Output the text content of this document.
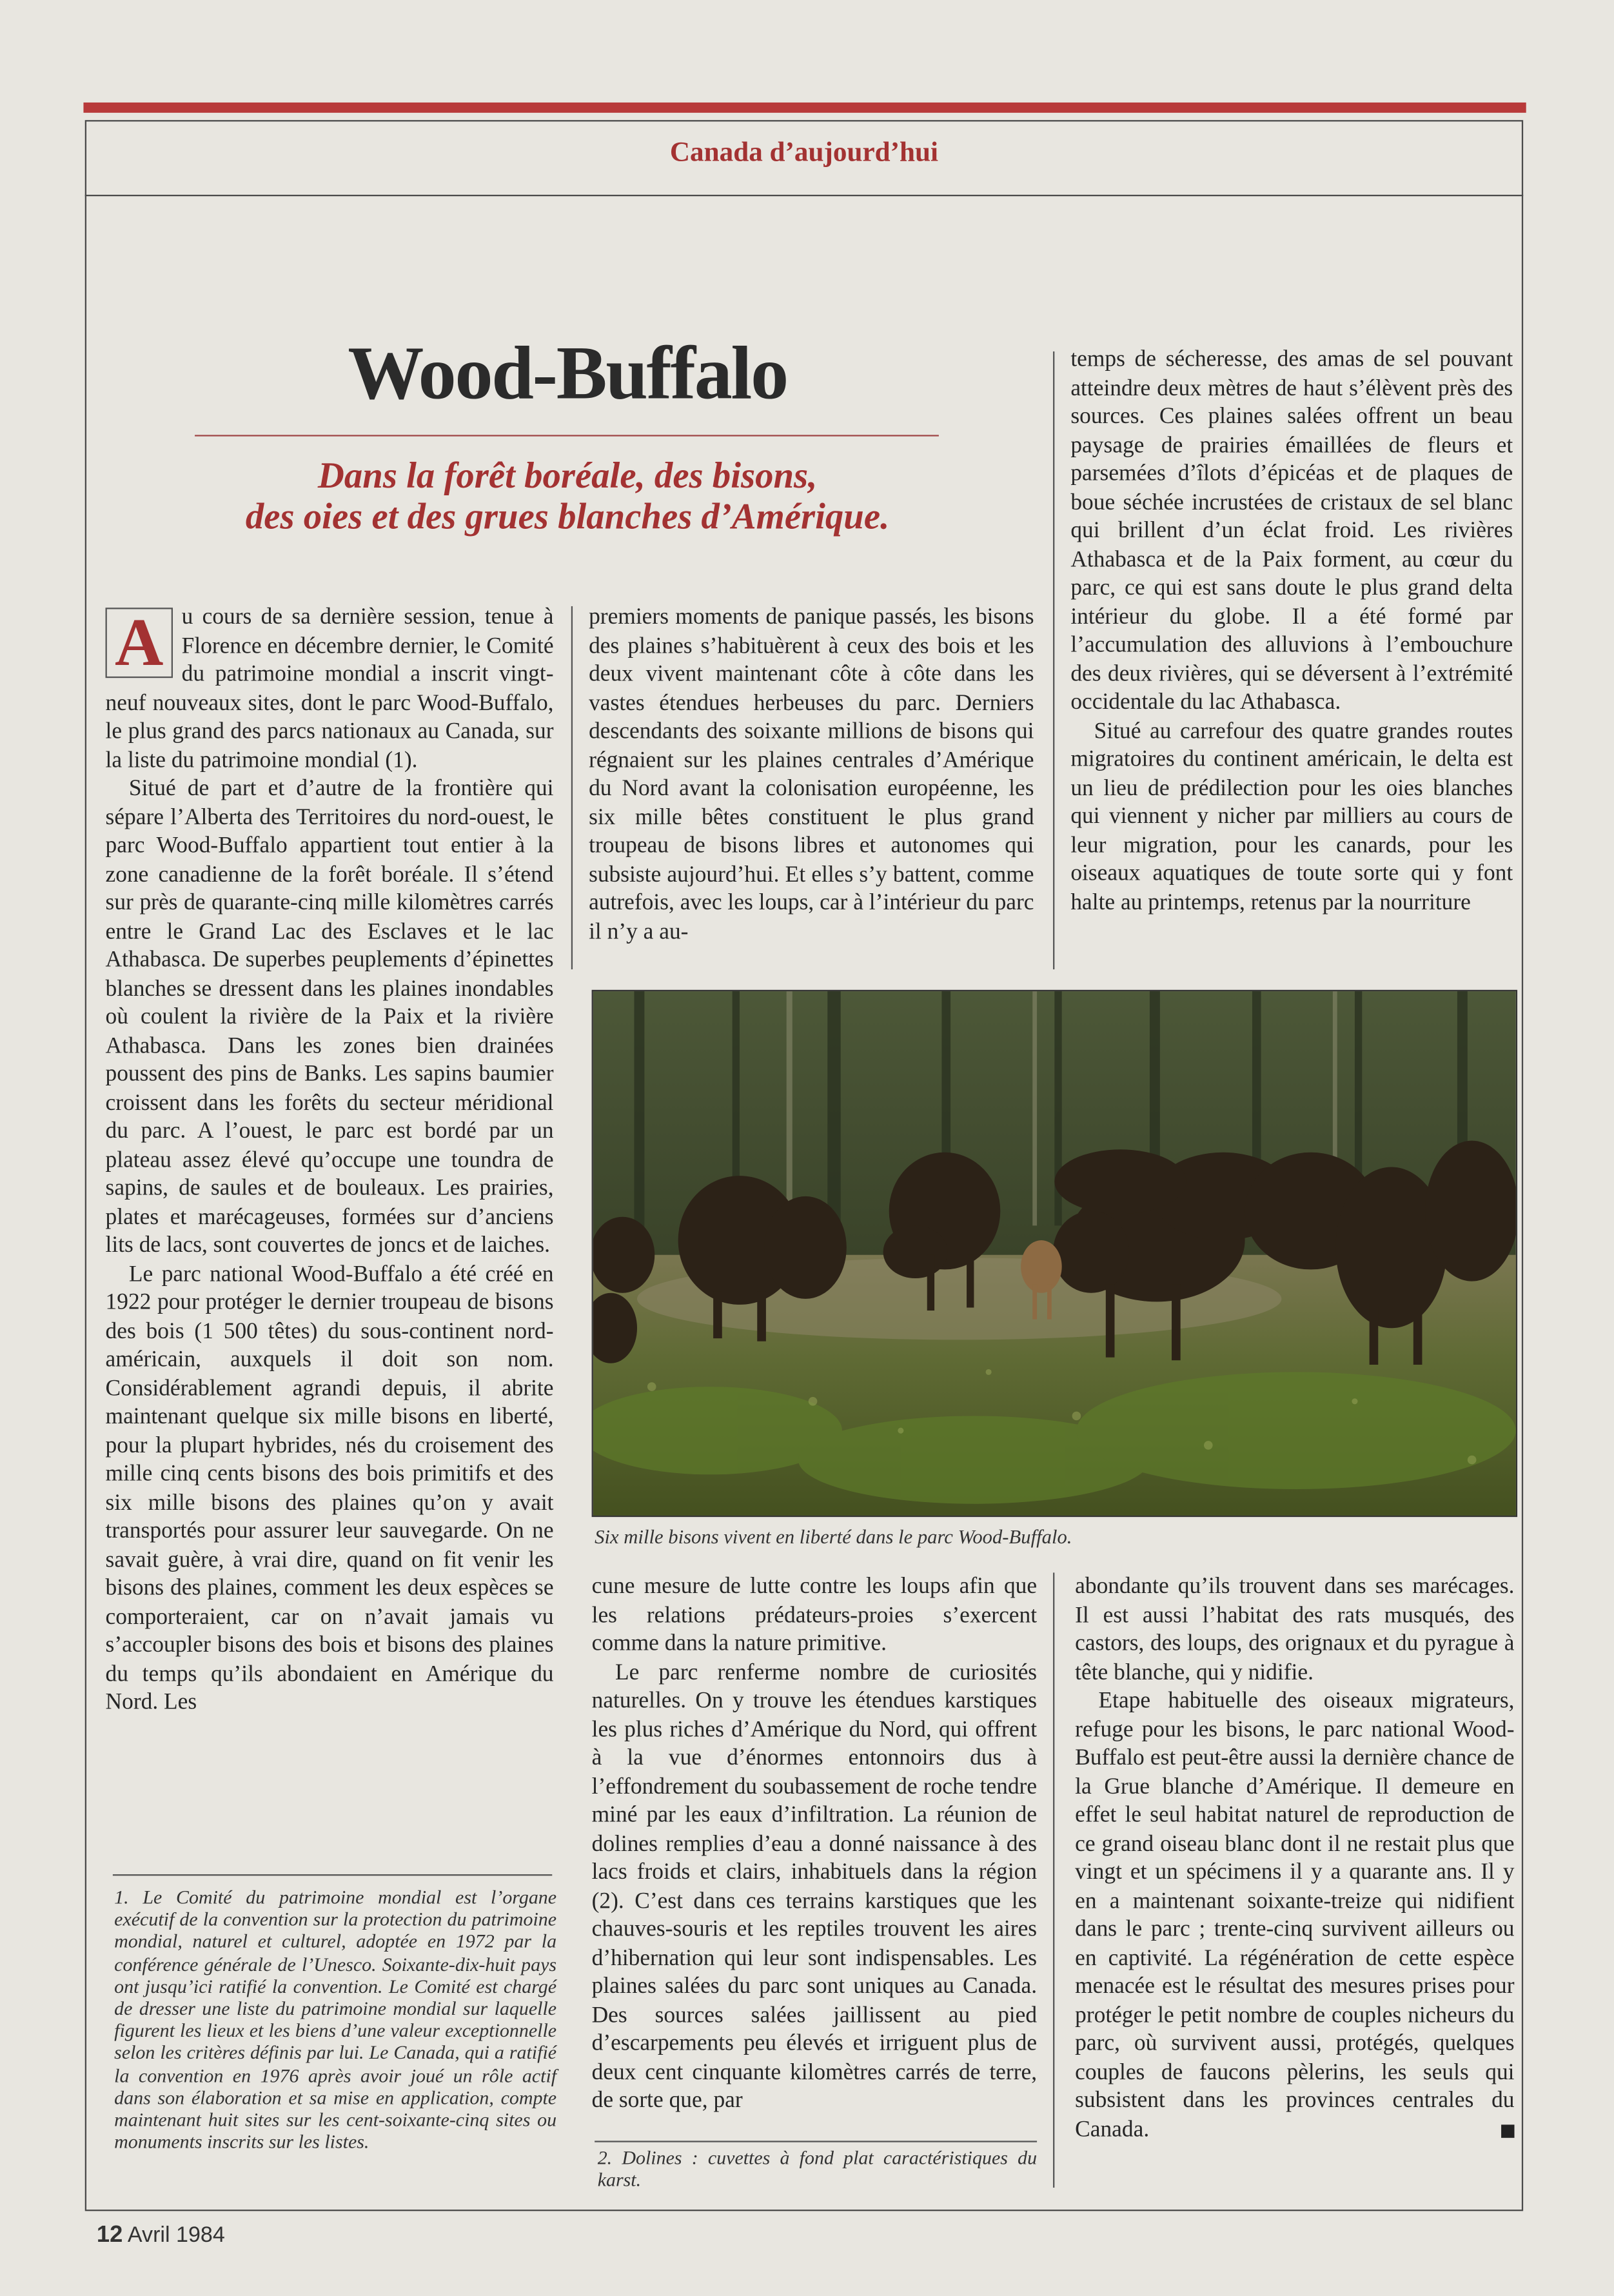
Canada d’aujourd’hui
Wood-Buffalo
Dans la forêt boréale, des bisons,
des oies et des grues blanches d’Amérique.
A	u cours de sa dernière session, tenue à Florence en décembre dernier, le Comité du patrimoine mondial a inscrit vingt-neuf nouveaux sites, dont le parc Wood-Buffalo, le plus grand des parcs nationaux au Canada, sur la liste du patrimoine mondial (1).

Situé de part et d’autre de la frontière qui sépare l’Alberta des Territoires du nord-ouest, le parc Wood-Buffalo appartient tout entier à la zone canadienne de la forêt boréale. Il s’étend sur près de quarante-cinq mille kilomètres carrés entre le Grand Lac des Esclaves et le lac Athabasca. De superbes peuplements d’épinettes blanches se dressent dans les plaines inondables où coulent la rivière de la Paix et la rivière Athabasca. Dans les zones bien drainées poussent des pins de Banks. Les sapins baumier croissent dans les forêts du secteur méridional du parc. A l’ouest, le parc est bordé par un plateau assez élevé qu’occupe une toundra de sapins, de saules et de bouleaux. Les prairies, plates et marécageuses, formées sur d’anciens lits de lacs, sont couvertes de joncs et de laiches.

Le parc national Wood-Buffalo a été créé en 1922 pour protéger le dernier troupeau de bisons des bois (1 500 têtes) du sous-continent nord-américain, auxquels il doit son nom. Considérablement agrandi depuis, il abrite maintenant quelque six mille bisons en liberté, pour la plupart hybrides, nés du croisement des mille cinq cents bisons des bois primitifs et des six mille bisons des plaines qu’on y avait transportés pour assurer leur sauvegarde. On ne savait guère, à vrai dire, quand on fit venir les bisons des plaines, comment les deux espèces se comporteraient, car on n’avait jamais vu s’accoupler bisons des bois et bisons des plaines du temps qu’ils abondaient en Amérique du Nord. Les

1. Le Comité du patrimoine mondial est l’organe exécutif de la convention sur la protection du patrimoine mondial, naturel et culturel, adoptée en 1972 par la conférence générale de l’Unesco. Soixante-dix-huit pays ont jusqu’ici ratifié la convention. Le Comité est chargé de dresser une liste du patrimoine mondial sur laquelle figurent les lieux et les biens d’une valeur exceptionnelle selon les critères définis par lui. Le Canada, qui a ratifié la convention en 1976 après avoir joué un rôle actif dans son élaboration et sa mise en application, compte maintenant huit sites sur les cent-soixante-cinq sites ou monuments inscrits sur les listes.
premiers moments de panique passés, les bisons des plaines s’habituèrent à ceux des bois et les deux vivent maintenant côte à côte dans les vastes étendues herbeuses du parc. Derniers descendants des soixante millions de bisons qui régnaient sur les plaines centrales d’Amérique du Nord avant la colonisation européenne, les six mille bêtes constituent le plus grand troupeau de bisons libres et autonomes qui subsiste aujourd’hui. Et elles s’y battent, comme autrefois, avec les loups, car à l’intérieur du parc il n’y a au-

temps de sécheresse, des amas de sel pouvant atteindre deux mètres de haut s’élèvent près des sources. Ces plaines salées offrent un beau paysage de prairies émaillées de fleurs et parsemées d’îlots d’épicéas et de plaques de boue séchée incrustées de cristaux de sel blanc qui brillent d’un éclat froid. Les rivières Athabasca et de la Paix forment, au cœur du parc, ce qui est sans doute le plus grand delta intérieur du globe. Il a été formé par l’accumulation des alluvions à l’embouchure des deux rivières, qui se déversent à l’extrémité occidentale du lac Athabasca.

Situé au carrefour des quatre grandes routes migratoires du continent américain, le delta est un lieu de prédilection pour les oies blanches qui viennent y nicher par milliers au cours de leur migration, pour les canards, pour les oiseaux aquatiques de toute sorte qui y font halte au printemps, retenus par la nourriture

Six mille bisons vivent en liberté dans le parc Wood-Buffalo.

cune mesure de lutte contre les loups afin que les relations prédateurs-proies s’exercent comme dans la nature primitive.

Le parc renferme nombre de curiosités naturelles. On y trouve les étendues karstiques les plus riches d’Amérique du Nord, qui offrent à la vue d’énormes entonnoirs dus à l’effondrement du soubassement de roche tendre miné par les eaux d’infiltration. La réunion de dolines remplies d’eau a donné naissance à des lacs froids et clairs, inhabituels dans la région (2). C’est dans ces terrains karstiques que les chauves-souris et les reptiles trouvent les aires d’hibernation qui leur sont indispensables. Les plaines salées du parc sont uniques au Canada. Des sources salées jaillissent au pied d’escarpements peu élevés et irriguent plus de deux cent cinquante kilomètres carrés de terre, de sorte que, par

2. Dolines : cuvettes à fond plat caractéristiques du karst.

abondante qu’ils trouvent dans ses marécages. Il est aussi l’habitat des rats musqués, des castors, des loups, des orignaux et du pyrague à tête blanche, qui y nidifie.

Etape habituelle des oiseaux migrateurs, refuge pour les bisons, le parc national Wood-Buffalo est peut-être aussi la dernière chance de la Grue blanche d’Amérique. Il demeure en effet le seul habitat naturel de reproduction de ce grand oiseau blanc dont il ne restait plus que vingt et un spécimens il y a quarante ans. Il y en a maintenant soixante-treize qui nidifient dans le parc ; trente-cinq survivent ailleurs ou en captivité. La régénération de cette espèce menacée est le résultat des mesures prises pour protéger le petit nombre de couples nicheurs du parc, où survivent aussi, protégés, quelques couples de faucons pèlerins, les seuls qui subsistent dans les provinces centrales du Canada.

12 Avril 1984
